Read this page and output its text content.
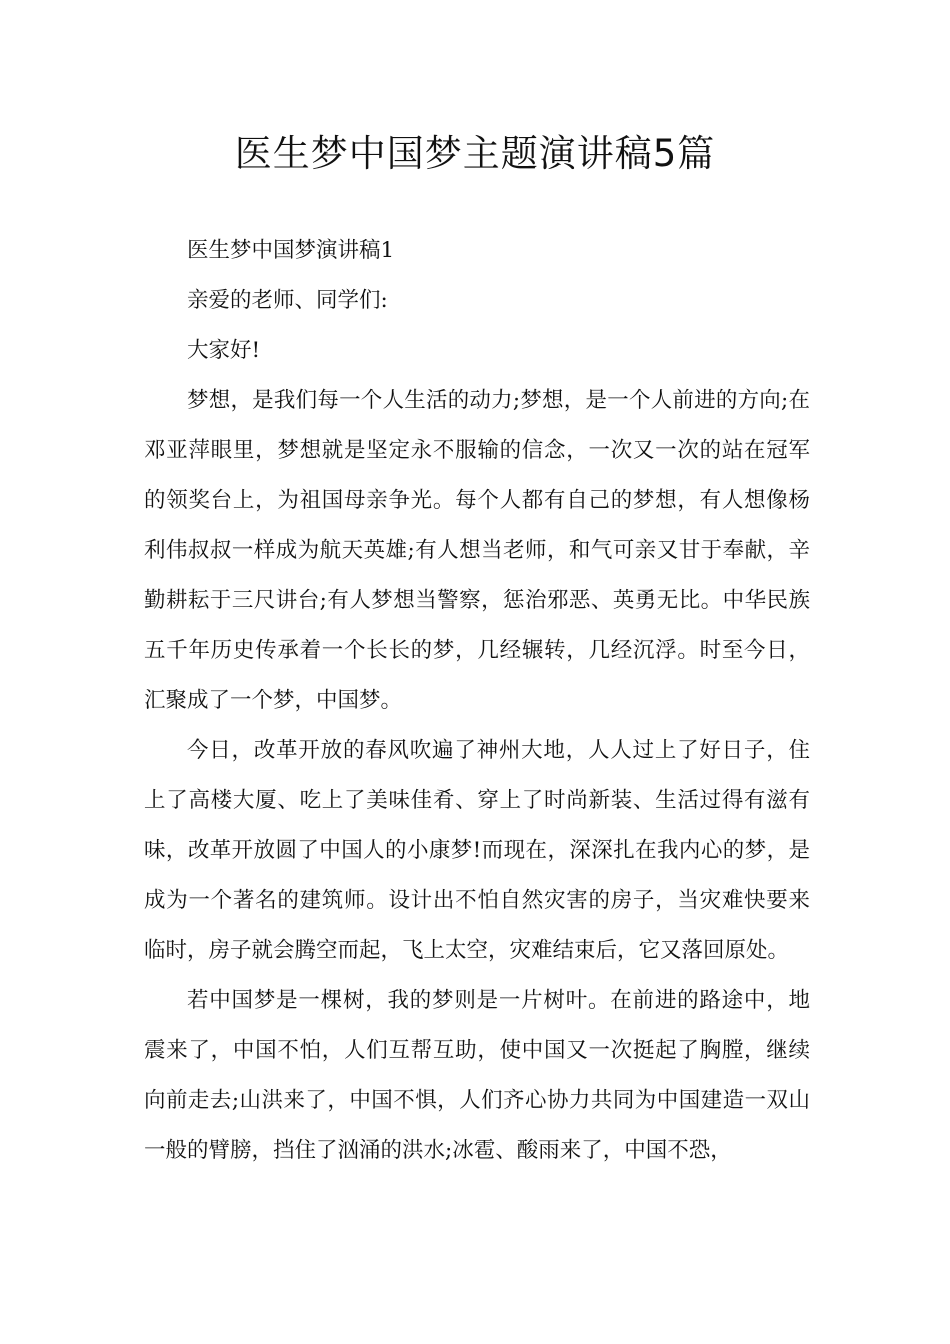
医生梦中国梦主题演讲稿5篇

医生梦中国梦演讲稿1

亲爱的老师、同学们:

大家好!

梦想，是我们每一个人生活的动力;梦想，是一个人前进的方向;在邓亚萍眼里，梦想就是坚定永不服输的信念，一次又一次的站在冠军的领奖台上，为祖国母亲争光。每个人都有自己的梦想，有人想像杨利伟叔叔一样成为航天英雄;有人想当老师，和气可亲又甘于奉献，辛勤耕耘于三尺讲台;有人梦想当警察，惩治邪恶、英勇无比。中华民族五千年历史传承着一个长长的梦，几经辗转，几经沉浮。时至今日，汇聚成了一个梦，中国梦。

今日，改革开放的春风吹遍了神州大地，人人过上了好日子，住上了高楼大厦、吃上了美味佳肴、穿上了时尚新装、生活过得有滋有味，改革开放圆了中国人的小康梦!而现在，深深扎在我内心的梦，是成为一个著名的建筑师。设计出不怕自然灾害的房子，当灾难快要来临时，房子就会腾空而起，飞上太空，灾难结束后，它又落回原处。

若中国梦是一棵树，我的梦则是一片树叶。在前进的路途中，地震来了，中国不怕，人们互帮互助，使中国又一次挺起了胸膛，继续向前走去;山洪来了，中国不惧，人们齐心协力共同为中国建造一双山一般的臂膀，挡住了汹涌的洪水;冰雹、酸雨来了，中国不恐，
